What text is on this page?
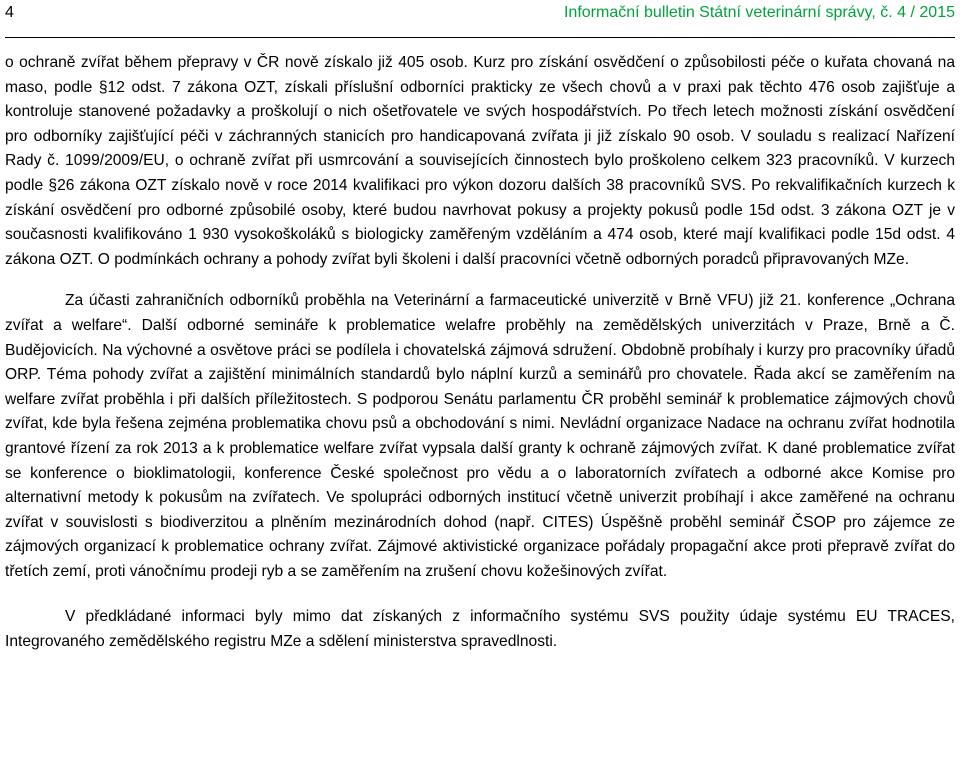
4	Informační bulletin Státní veterinární správy, č. 4 / 2015

o ochraně zvířat během přepravy v ČR nově získalo již 405 osob. Kurz pro získání osvědčení o způsobilosti péče o kuřata chovaná na maso, podle §12 odst. 7 zákona OZT, získali příslušní odborníci prakticky ze všech chovů a v praxi pak těchto 476 osob zajišťuje a kontroluje stanovené požadavky a proškolují o nich ošetřovatele ve svých hospodářstvích. Po třech letech možnosti získání osvědčení pro odborníky zajišťující péči v záchranných stanicích pro handicapovaná zvířata ji již získalo 90 osob. V souladu s realizací Nařízení Rady č. 1099/2009/EU, o ochraně zvířat při usmrcování a souvisejících činnostech bylo proškoleno celkem 323 pracovníků. V kurzech podle §26 zákona OZT získalo nově v roce 2014 kvalifikaci pro výkon dozoru dalších 38 pracovníků SVS. Po rekvalifikačních kurzech k získání osvědčení pro odborné způsobilé osoby, které budou navrhovat pokusy a projekty pokusů podle 15d odst. 3 zákona OZT je v současnosti kvalifikováno 1 930 vysokoškoláků s biologicky zaměřeným vzděláním a 474 osob, které mají kvalifikaci podle 15d odst. 4 zákona OZT. O podmínkách ochrany a pohody zvířat byli školeni i další pracovníci včetně odborných poradců připravovaných MZe.

Za účasti zahraničních odborníků proběhla na Veterinární a farmaceutické univerzitě v Brně VFU) již 21. konference „Ochrana zvířat a welfare“. Další odborné semináře k problematice welafre proběhly na zemědělských univerzitách v Praze, Brně a Č. Budějovicích. Na výchovné a osvětove práci se podílela i chovatelská zájmová sdružení. Obdobně probíhaly i kurzy pro pracovníky úřadů ORP. Téma pohody zvířat a zajištění minimálních standardů bylo náplní kurzů a seminářů pro chovatele. Řada akcí se zaměřením na welfare zvířat proběhla i při dalších příležitostech. S podporou Senátu parlamentu ČR proběhl seminář k problematice zájmových chovů zvířat, kde byla řešena zejména problematika chovu psů a obchodování s nimi. Nevládní organizace Nadace na ochranu zvířat hodnotila grantové řízení za rok 2013 a k problematice welfare zvířat vypsala další granty k ochraně zájmových zvířat. K dané problematice zvířat se konference o bioklimatologii, konference České společnost pro vědu a o laboratorních zvířatech a odborné akce Komise pro alternativní metody k pokusům na zvířatech. Ve spolupráci odborných institucí včetně univerzit probíhají i akce zaměřené na ochranu zvířat v souvislosti s biodiverzitou a plněním mezinárodních dohod (např. CITES) Úspěšně proběhl seminář ČSOP pro zájemce ze zájmových organizací k problematice ochrany zvířat. Zájmové aktivistické organizace pořádaly propagační akce proti přepravě zvířat do třetích zemí, proti vánočnímu prodeji ryb a se zaměřením na zrušení chovu kožešinových zvířat.

V předkládané informaci byly mimo dat získaných z informačního systému SVS použity údaje systému EU TRACES, Integrovaného zemědělského registru MZe a sdělení ministerstva spravedlnosti.
